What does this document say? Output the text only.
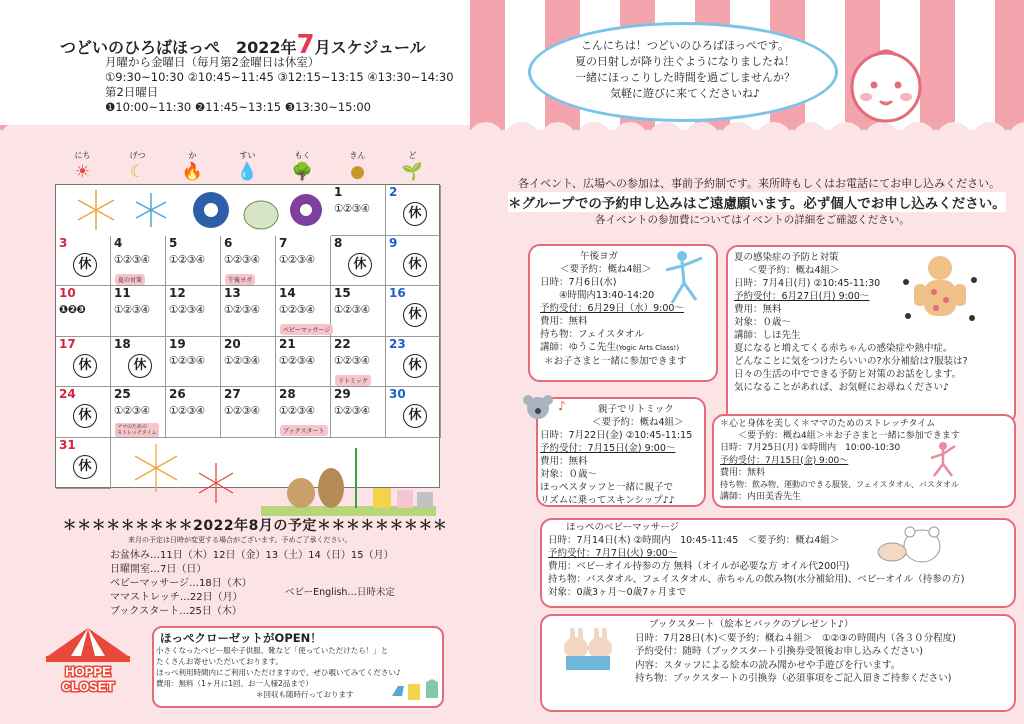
つどいのひろばほっぺ　2022年7月スケジュール
月曜から金曜日（毎月第2金曜日は休室）
①9:30~10:30 ②10:45~11:45 ③12:15~13:15 ④13:30~14:30
第2日曜日
❶10:00~11:30 ❷11:45~13:15 ❸13:30~15:00
こんにちは！つどいのひろばほっぺです。
夏の日射しが降り注ぐようになりましたね！
一緒にほっこりした時間を過ごしませんか？
気軽に遊びに来てくださいね♪
にち
☀
げつ
☾
か
🔥
すい
💧
もく
🌳
きん
●
ど
🌱
1
①②③④
2
休
3
休
4
①②③④
夏の対策
5
①②③④
6
①②③④
午後ヨガ
7
①②③④
8
休
9
休
10
❶❷❸
11
①②③④
12
①②③④
13
①②③④
14
①②③④
ベビーマッサージ
15
①②③④
16
休
17
休
18
休
19
①②③④
20
①②③④
21
①②③④
22
①②③④
リトミック
23
休
24
休
25
①②③④
ママのための
ストレッチタイム
26
①②③④
27
①②③④
28
①②③④
ブックスタート
29
①②③④
30
休
31
休
＊＊＊＊＊＊＊＊＊2022年8月の予定＊＊＊＊＊＊＊＊＊
来月の予定は日時が変更する場合がございます。予めご了承ください。
お盆休み…11日（木）12日（金）13（土）14（日）15（月）
日曜開室…7日（日）
ベビーマッサージ…18日（木）
ママストレッチ…22日（月）
ブックスタート…25日（木）
ベビーEnglish…日時未定
HOPPE
CLOSET
ほっぺクローゼットがOPEN！
小さくなったベビー服や子供服、靴など「使っていただけたら！」と
たくさんお寄せいただいております。
ほっぺ利用時間内にご利用いただけますので、ぜひ覗いてみてください♪
費用：無料（1ヶ月に1回、お一人様2品まで）
＊回収も随時行っております
各イベント、広場への参加は、事前予約制です。来所時もしくはお電話にてお申し込みください。
＊グループでの予約申し込みはご遠慮願います。必ず個人でお申し込みください。
各イベントの参加費についてはイベントの詳細をご確認ください。
午後ヨガ
＜要予約：概ね4組＞
日時：7月6日(水)
　　④時間内13:40-14:20
予約受付：6月29日（水）9:00～
費用：無料
持ち物：フェイスタオル
講師：ゆうこ先生(Yogic Arts Class!)
＊お子さまと一緒に参加できます
夏の感染症の予防と対策
＜要予約：概ね4組＞
日時：7月4日(月) ②10:45-11:30
予約受付：6月27日(月) 9:00～
費用：無料
対象：０歳～
講師：しほ先生
夏になると増えてくる赤ちゃんの感染症や熱中症。
どんなことに気をつけたらいいの?水分補給は?服装は?
日々の生活の中でできる予防と対策のお話をします。
気になることがあれば、お気軽にお尋ねください♪
♪	親子でリトミック
＜要予約：概ね4組＞
日時：7月22日(金) ②10:45-11:15
予約受付：7月15日(金) 9:00～
費用：無料
対象：０歳～
ほっぺスタッフと一緒に親子で
リズムに乗ってスキンシップ♪♪
＊心と身体を美しく＊ママのためのストレッチタイム
＜要予約：概ね4組＞＊お子さまと一緒に参加できます
日時：7月25日(月) ①時間内　10:00-10:30
予約受付：7月15日(金) 9:00～
費用：無料
持ち物：飲み物、運動のできる服装、フェイスタオル、バスタオル
講師：内田美香先生
ほっぺのベビーマッサージ
日時：7月14日(木) ②時間内　10:45-11:45　＜要予約：概ね4組＞
予約受付：7月7日(火) 9:00～
費用：ベビーオイル持参の方 無料（オイルが必要な方 オイル代200円)
持ち物：バスタオル、フェイスタオル、赤ちゃんの飲み物(水分補給用)、ベビーオイル（持参の方)
対象：0歳3ヶ月～0歳7ヶ月まで
ブックスタート（絵本とバックのプレゼント♪）
日時：7月28日(木)＜要予約：概ね４組＞　①②③の時間内（各３０分程度)
予約受付：随時（ブックスタート引換券受領後お申し込みください)
内容：スタッフによる絵本の読み聞かせや手遊びを行います。
持ち物：ブックスタートの引換券（必須事項をご記入頂きご持参ください)
